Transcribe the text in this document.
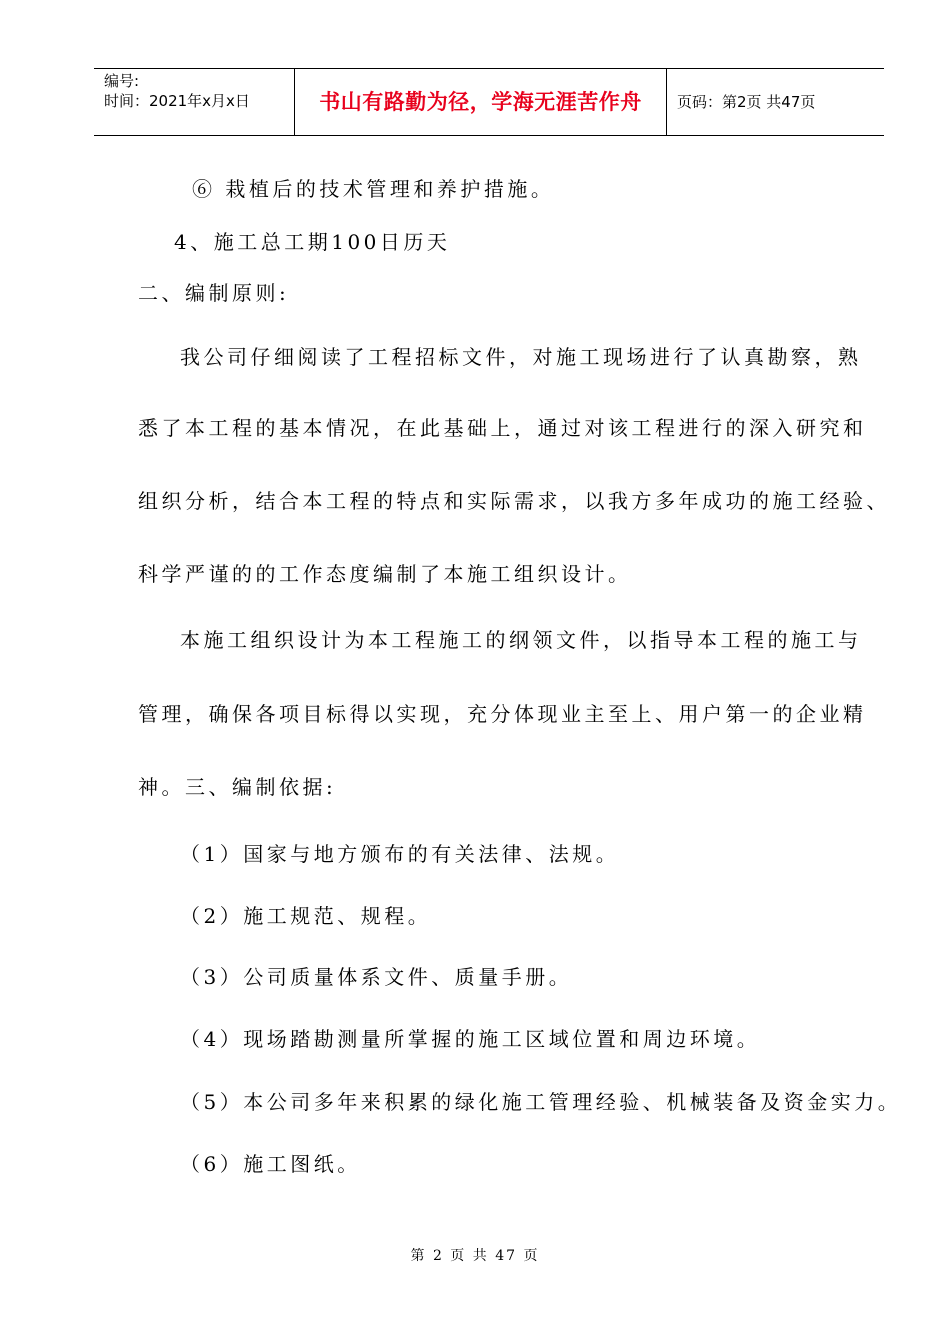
编号:
时间：2021年x月x日	书山有路勤为径，学海无涯苦作舟	页码：第2页 共47页
⑥ 栽植后的技术管理和养护措施。
4、施工总工期100日历天
二、编制原则:
我公司仔细阅读了工程招标文件，对施工现场进行了认真勘察，熟
悉了本工程的基本情况，在此基础上，通过对该工程进行的深入研究和
组织分析，结合本工程的特点和实际需求，以我方多年成功的施工经验、
科学严谨的的工作态度编制了本施工组织设计。
本施工组织设计为本工程施工的纲领文件，以指导本工程的施工与
管理，确保各项目标得以实现，充分体现业主至上、用户第一的企业精
神。三、编制依据:
（1）国家与地方颁布的有关法律、法规。
（2）施工规范、规程。
（3）公司质量体系文件、质量手册。
（4）现场踏勘测量所掌握的施工区域位置和周边环境。
（5）本公司多年来积累的绿化施工管理经验、机械装备及资金实力。
（6）施工图纸。
第 2 页 共 47 页
